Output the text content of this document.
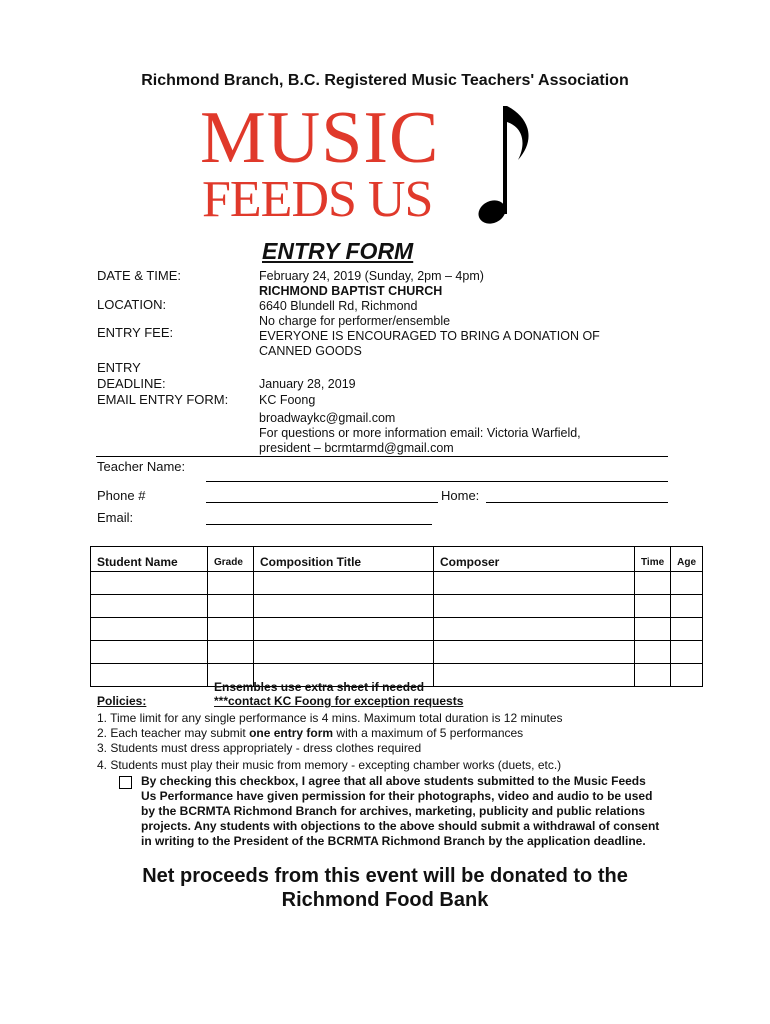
Richmond Branch, B.C. Registered Music Teachers' Association
MUSIC
FEEDS US
ENTRY FORM
DATE & TIME:	February 24, 2019 (Sunday, 2pm – 4pm)
RICHMOND BAPTIST CHURCH
LOCATION:	6640 Blundell Rd, Richmond
ENTRY FEE:
No charge for performer/ensemble
EVERYONE IS ENCOURAGED TO BRING A DONATION OF
CANNED GOODS
ENTRY
DEADLINE:	January 28, 2019
EMAIL ENTRY FORM: KC Foong
broadwaykc@gmail.com
For questions or more information email: Victoria Warfield,
president – bcrmtarmd@gmail.com
Teacher Name:
Phone #	Home:
Email:
Student Name	Grade	Composition Title	Composer	Time	Age

Ensembles use extra sheet if needed
***contact KC Foong for exception requests
Policies:
1. Time limit for any single performance is 4 mins. Maximum total duration is 12 minutes
2. Each teacher may submit one entry form with a maximum of 5 performances
3. Students must dress appropriately - dress clothes required
4. Students must play their music from memory - excepting chamber works (duets, etc.)
By checking this checkbox, I agree that all above students submitted to the Music Feeds Us Performance have given permission for their photographs, video and audio to be used by the BCRMTA Richmond Branch for archives, marketing, publicity and public relations projects. Any students with objections to the above should submit a withdrawal of consent in writing to the President of the BCRMTA Richmond Branch by the application deadline.
Net proceeds from this event will be donated to the
Richmond Food Bank
